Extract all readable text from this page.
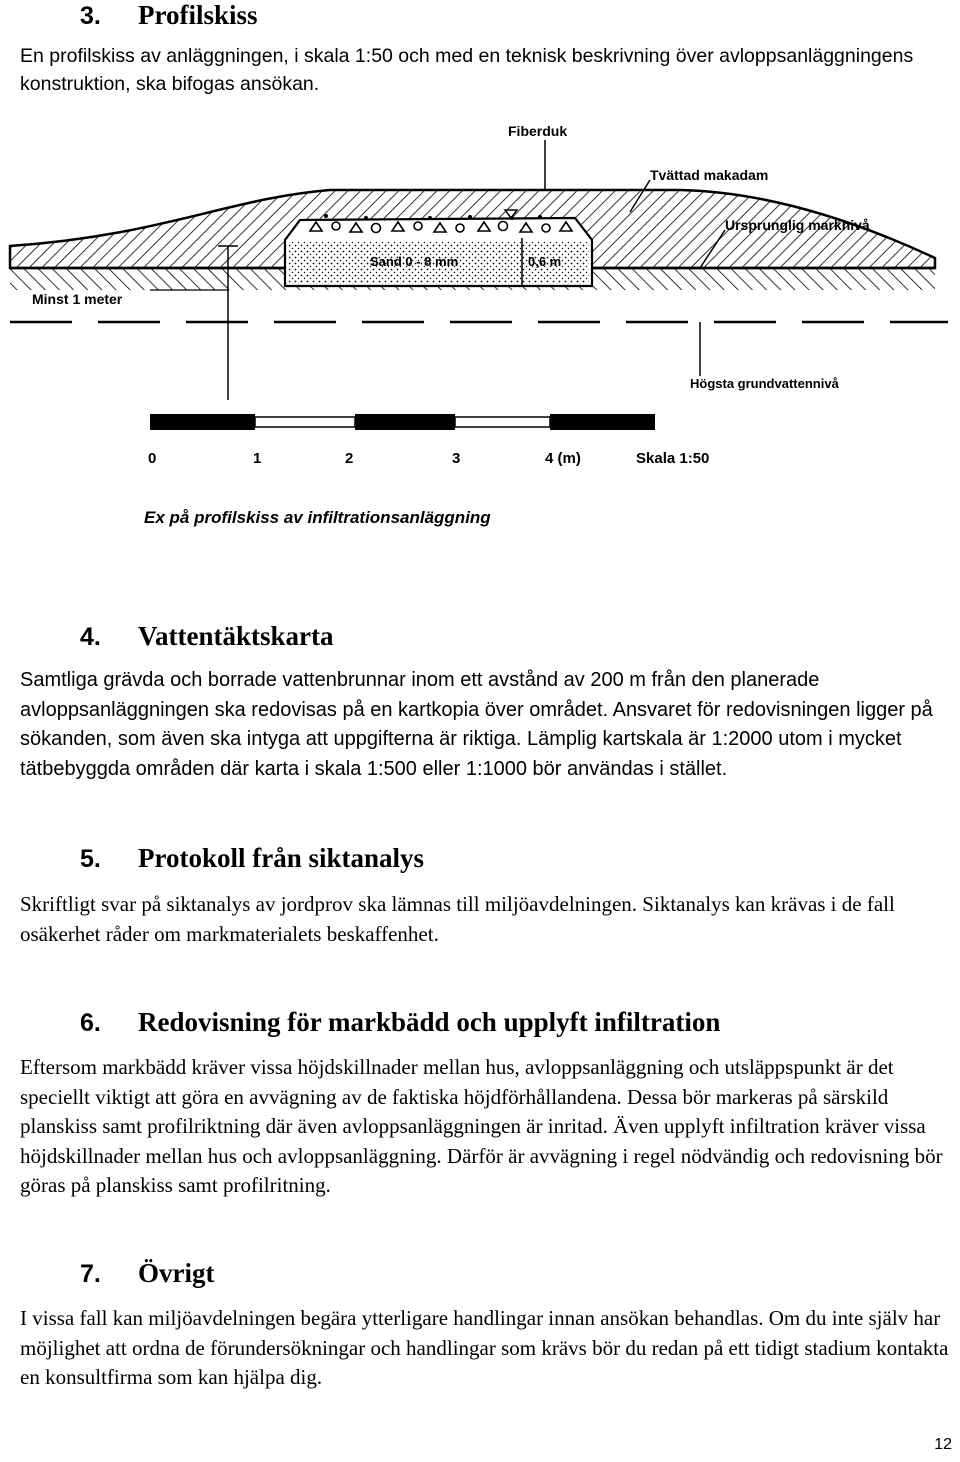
3.	Profilskiss

En profilskiss av anläggningen, i skala 1:50 och med en teknisk beskrivning över avloppsanläggningens konstruktion, ska bifogas ansökan.

0,6 m
Sand 0 - 8 mm
Fiberduk
Tvättad makadam
Ursprunglig marknivå
Minst 1 meter
Högsta grundvattennivå
0	1	2	3	4 (m)	Skala 1:50
Ex på profilskiss av infiltrationsanläggning
4.	Vattentäktskarta

Samtliga grävda och borrade vattenbrunnar inom ett avstånd av 200 m från den planerade avloppsanläggningen ska redovisas på en kartkopia över området. Ansvaret för redovisningen ligger på sökanden, som även ska intyga att uppgifterna är riktiga. Lämplig kartskala är 1:2000 utom i mycket tätbebyggda områden där karta i skala 1:500 eller 1:1000 bör användas i stället.

5.	Protokoll från siktanalys

Skriftligt svar på siktanalys av jordprov ska lämnas till miljöavdelningen. Siktanalys kan krävas i de fall osäkerhet råder om markmaterialets beskaffenhet.

6.	Redovisning för markbädd och upplyft infiltration

Eftersom markbädd kräver vissa höjdskillnader mellan hus, avloppsanläggning och utsläppspunkt är det speciellt viktigt att göra en avvägning av de faktiska höjdförhållandena. Dessa bör markeras på särskild planskiss samt profilriktning där även avloppsanläggningen är inritad. Även upplyft infiltration kräver vissa höjdskillnader mellan hus och avloppsanläggning. Därför är avvägning i regel nödvändig och redovisning bör göras på planskiss samt profilritning.

7.	Övrigt

I vissa fall kan miljöavdelningen begära ytterligare handlingar innan ansökan behandlas. Om du inte själv har möjlighet att ordna de förundersökningar och handlingar som krävs bör du redan på ett tidigt stadium kontakta en konsultfirma som kan hjälpa dig.

12
